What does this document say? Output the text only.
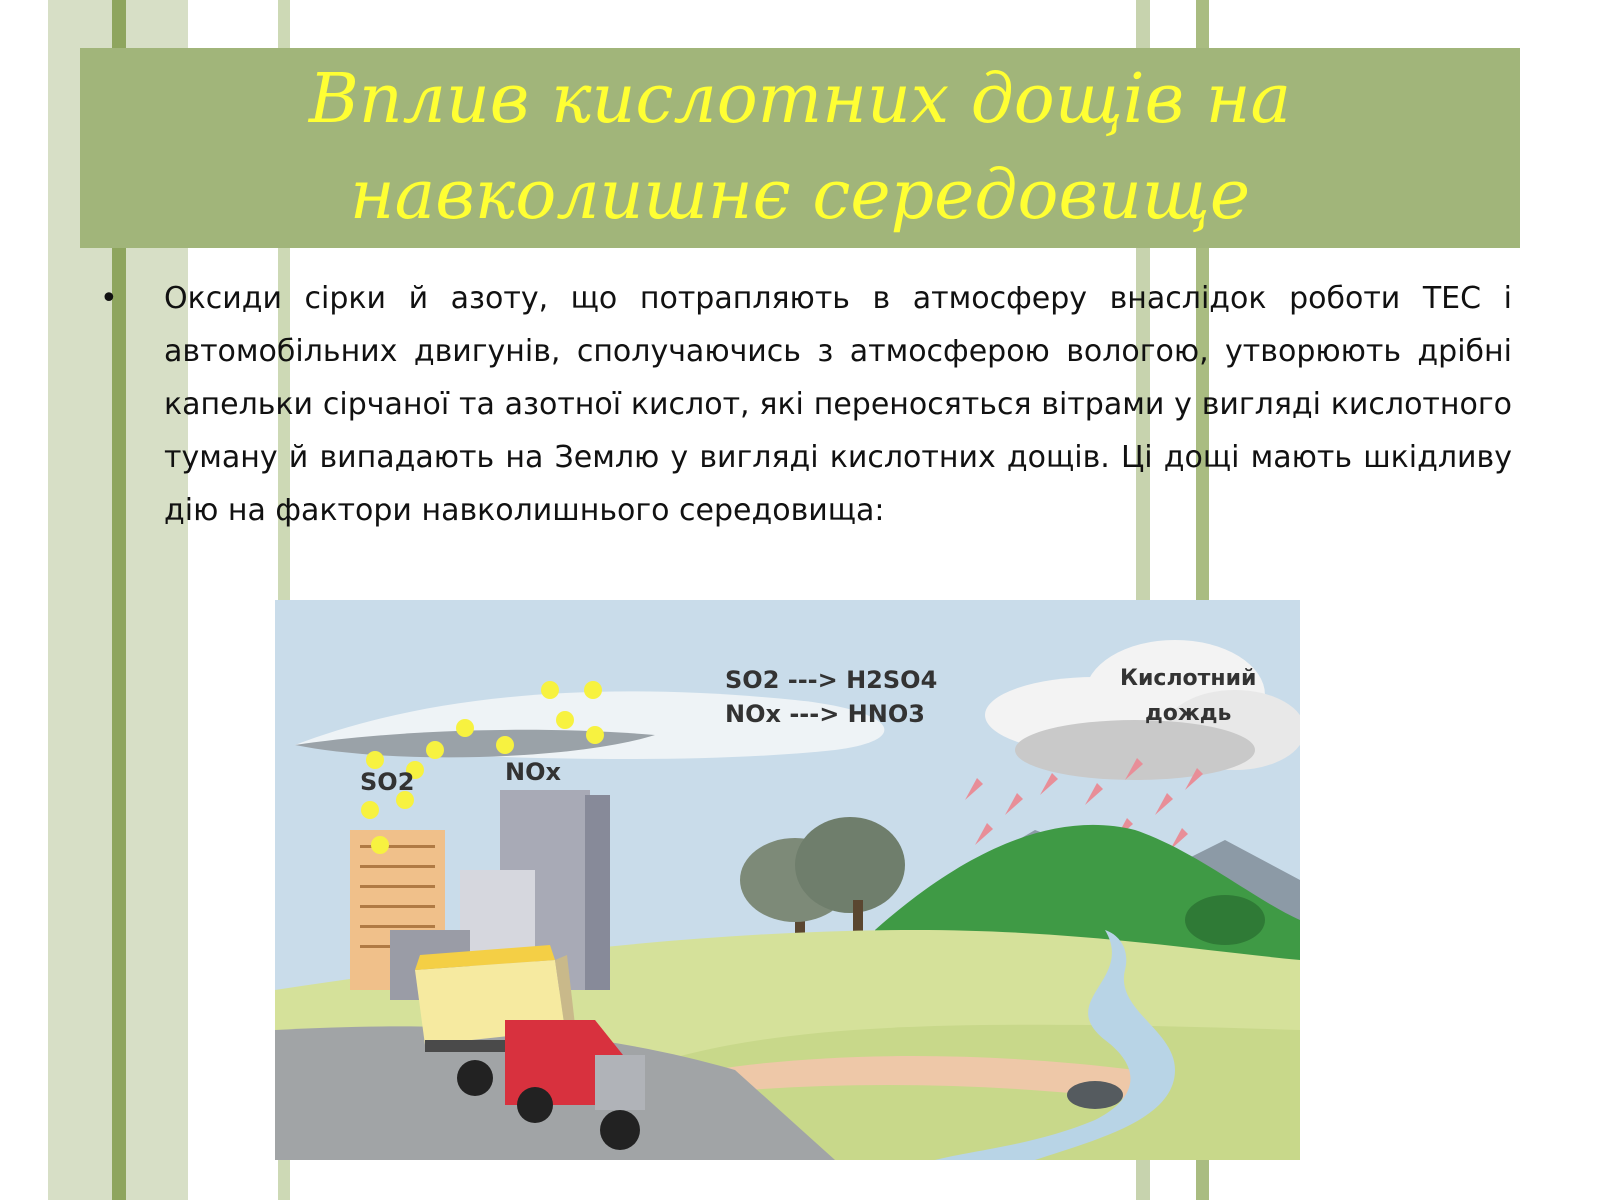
Вплив кислотних дощів на навколишнє середовище
•	Оксиди сірки й азоту, що потрапляють в атмосферу внаслідок роботи ТЕС і автомобільних двигунів, сполучаючись з атмосферою вологою, утворюють дрібні капельки сірчаної та азотної кислот, які переносяться вітрами у вигляді кислотного туману й випадають на Землю у вигляді кислотних дощів. Ці дощі мають шкідливу дію на фактори навколишнього середовища:

SO2	NOx
SO2 ---> H2SO4
NOx ---> HNO3
Кислотний
дождь
